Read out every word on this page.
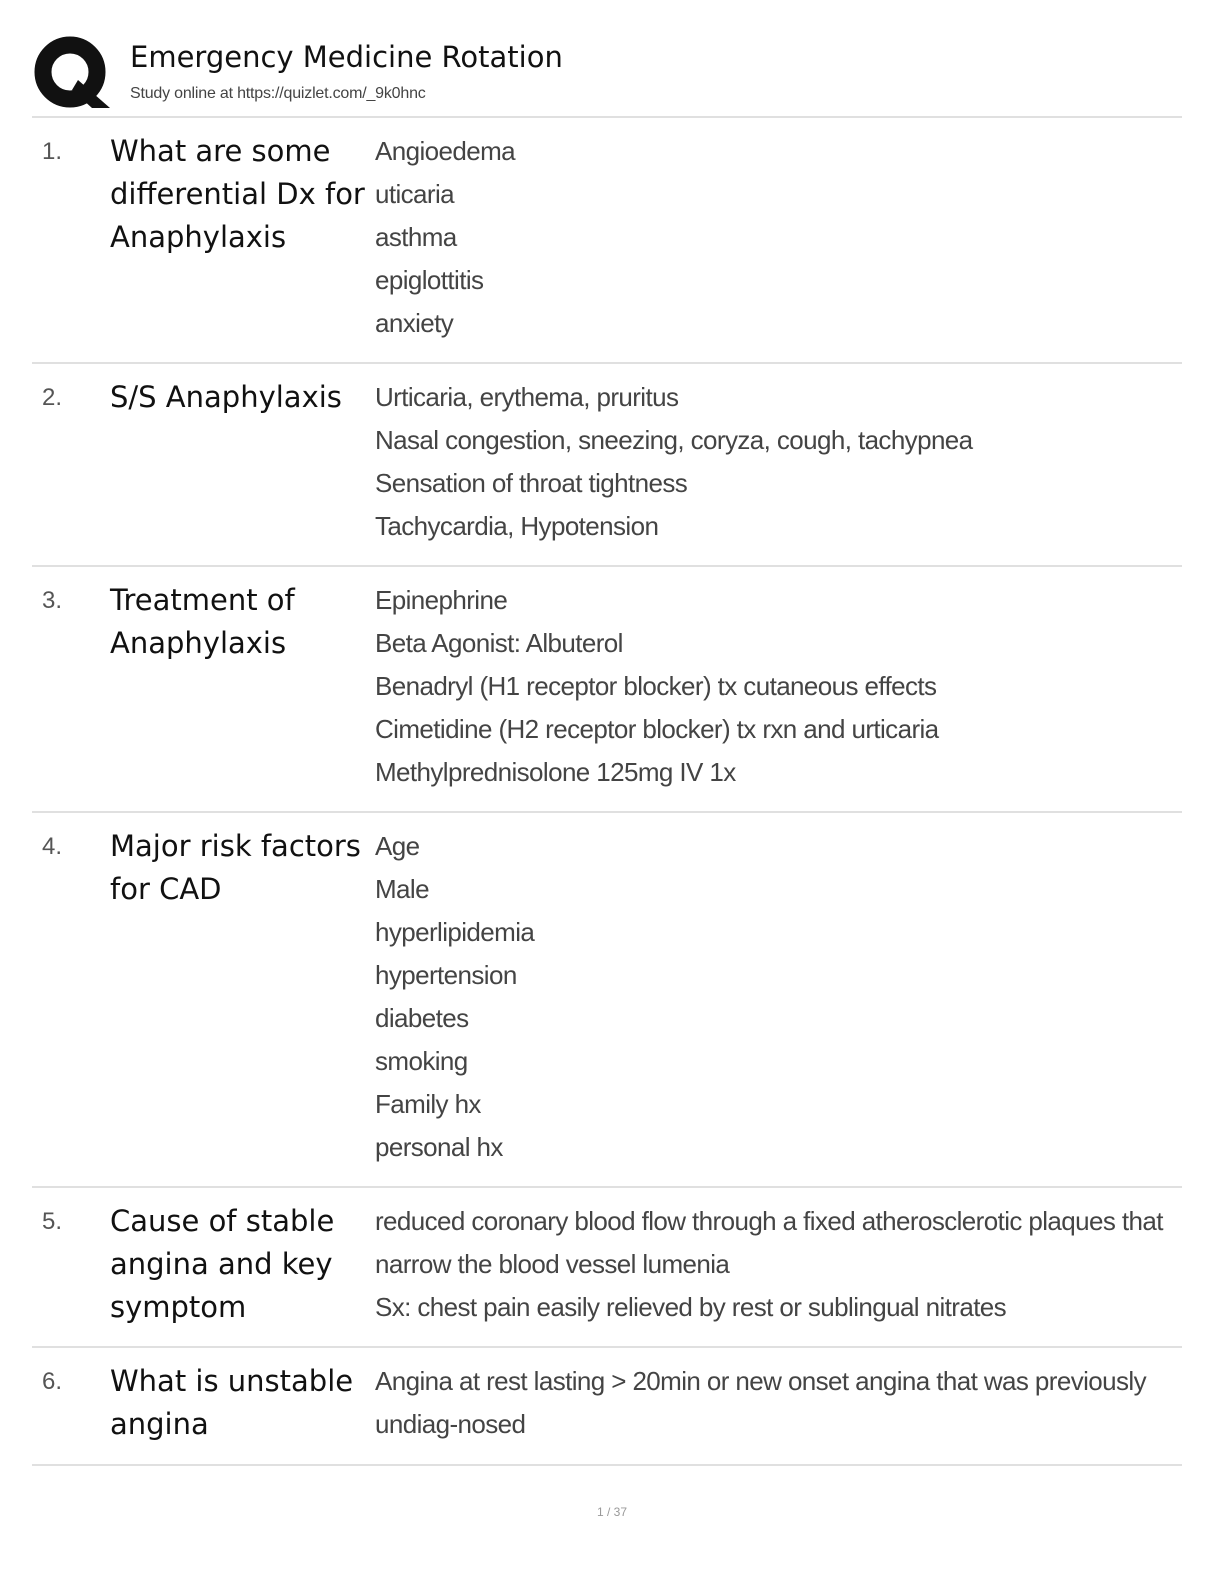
Emergency Medicine Rotation
Study online at https://quizlet.com/_9k0hnc
1. What are some differential Dx for Anaphylaxis
Angioedema
uticaria
asthma
epiglottitis
anxiety
2. S/S Anaphylaxis	Urticaria, erythema, pruritus
Nasal congestion, sneezing, coryza, cough, tachypnea
Sensation of throat tightness
Tachycardia, Hypotension
3. Treatment of Anaphylaxis
Epinephrine
Beta Agonist: Albuterol
Benadryl (H1 receptor blocker) tx cutaneous effects
Cimetidine (H2 receptor blocker) tx rxn and urticaria
Methylprednisolone 125mg IV 1x
4. Major risk factors for CAD
Age
Male
hyperlipidemia
hypertension
diabetes
smoking
Family hx
personal hx
5. Cause of stable angina and key symptom
reduced coronary blood flow through a fixed atherosclerotic plaques that narrow the blood vessel lumenia
Sx: chest pain easily relieved by rest or sublingual nitrates
6. What is unstable angina
Angina at rest lasting > 20min or new onset angina that was previously undiag-nosed
1 / 37
